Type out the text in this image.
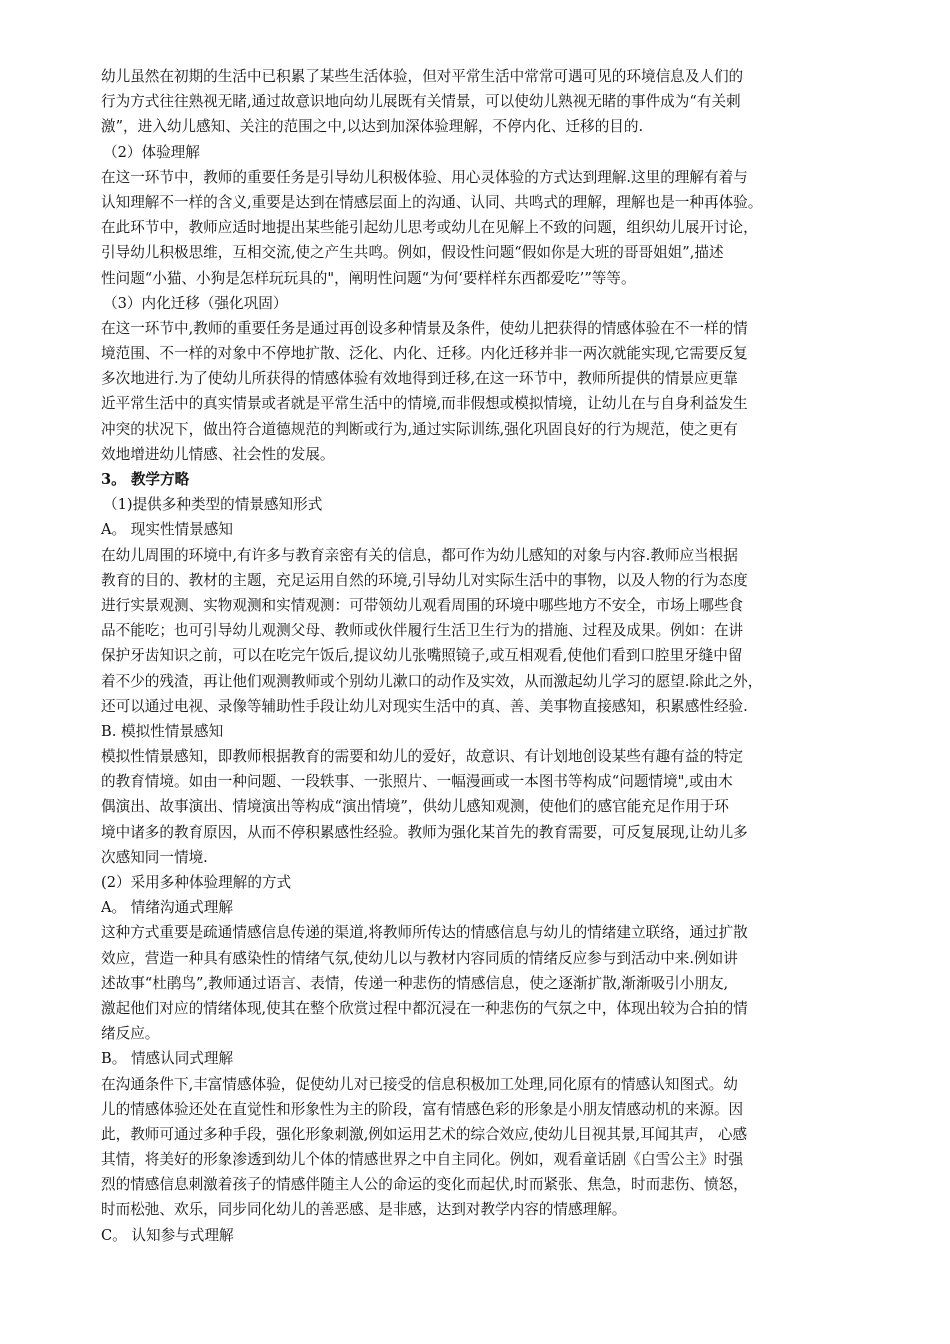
幼儿虽然在初期的生活中已积累了某些生活体验，但对平常生活中常常可遇可见的环境信息及人们的
行为方式往往熟视无睹,通过故意识地向幼儿展既有关情景，可以使幼儿熟视无睹的事件成为“有关刺
激”，进入幼儿感知、关注的范围之中,以达到加深体验理解，不停内化、迁移的目的.
（2）体验理解
在这一环节中，教师的重要任务是引导幼儿积极体验、用心灵体验的方式达到理解.这里的理解有着与
认知理解不一样的含义,重要是达到在情感层面上的沟通、认同、共鸣式的理解，理解也是一种再体验。
在此环节中，教师应适时地提出某些能引起幼儿思考或幼儿在见解上不致的问题，组织幼儿展开讨论，
引导幼儿积极思维，互相交流,使之产生共鸣。例如，假设性问题“假如你是大班的哥哥姐姐”,描述
性问题“小猫、小狗是怎样玩玩具的"，阐明性问题“为何‘要样样东西都爱吃’”等等。
（3）内化迁移（强化巩固）
在这一环节中,教师的重要任务是通过再创设多种情景及条件，使幼儿把获得的情感体验在不一样的情
境范围、不一样的对象中不停地扩散、泛化、内化、迁移。内化迁移并非一两次就能实现,它需要反复
多次地进行.为了使幼儿所获得的情感体验有效地得到迁移,在这一环节中，教师所提供的情景应更靠
近平常生活中的真实情景或者就是平常生活中的情境,而非假想或模拟情境，让幼儿在与自身利益发生
冲突的状况下，做出符合道德规范的判断或行为,通过实际训练,强化巩固良好的行为规范，使之更有
效地增进幼儿情感、社会性的发展。
3。 教学方略
（1)提供多种类型的情景感知形式
A。 现实性情景感知
在幼儿周围的环境中,有许多与教育亲密有关的信息，都可作为幼儿感知的对象与内容.教师应当根据
教育的目的、教材的主题，充足运用自然的环境,引导幼儿对实际生活中的事物，以及人物的行为态度
进行实景观测、实物观测和实情观测：可带领幼儿观看周围的环境中哪些地方不安全，市场上哪些食
品不能吃；也可引导幼儿观测父母、教师或伙伴履行生活卫生行为的措施、过程及成果。例如：在讲
保护牙齿知识之前，可以在吃完午饭后,提议幼儿张嘴照镜子,或互相观看,使他们看到口腔里牙缝中留
着不少的残渣，再让他们观测教师或个别幼儿漱口的动作及实效，从而激起幼儿学习的愿望.除此之外，
还可以通过电视、录像等辅助性手段让幼儿对现实生活中的真、善、美事物直接感知，积累感性经验.
B. 模拟性情景感知
模拟性情景感知，即教师根据教育的需要和幼儿的爱好，故意识、有计划地创设某些有趣有益的特定
的教育情境。如由一种问题、一段轶事、一张照片、一幅漫画或一本图书等构成“问题情境",或由木
偶演出、故事演出、情境演出等构成“演出情境”，供幼儿感知观测，使他们的感官能充足作用于环
境中诸多的教育原因，从而不停积累感性经验。教师为强化某首先的教育需要，可反复展现,让幼儿多
次感知同一情境.
(2）采用多种体验理解的方式
A。 情绪沟通式理解
这种方式重要是疏通情感信息传递的渠道,将教师所传达的情感信息与幼儿的情绪建立联络，通过扩散
效应，营造一种具有感染性的情绪气氛,使幼儿以与教材内容同质的情绪反应参与到活动中来.例如讲
述故事“杜鹃鸟”,教师通过语言、表情，传递一种悲伤的情感信息，使之逐渐扩散,渐渐吸引小朋友,
激起他们对应的情绪体现,使其在整个欣赏过程中都沉浸在一种悲伤的气氛之中，体现出较为合拍的情
绪反应。
B。 情感认同式理解
在沟通条件下,丰富情感体验，促使幼儿对已接受的信息积极加工处理,同化原有的情感认知图式。幼
儿的情感体验还处在直觉性和形象性为主的阶段，富有情感色彩的形象是小朋友情感动机的来源。因
此，教师可通过多种手段，强化形象刺激,例如运用艺术的综合效应,使幼儿目视其景,耳闻其声， 心感
其情，将美好的形象渗透到幼儿个体的情感世界之中自主同化。例如，观看童话剧《白雪公主》时强
烈的情感信息刺激着孩子的情感伴随主人公的命运的变化而起伏,时而紧张、焦急，时而悲伤、愤怒，
时而松弛、欢乐，同步同化幼儿的善恶感、是非感，达到对教学内容的情感理解。
C。 认知参与式理解
